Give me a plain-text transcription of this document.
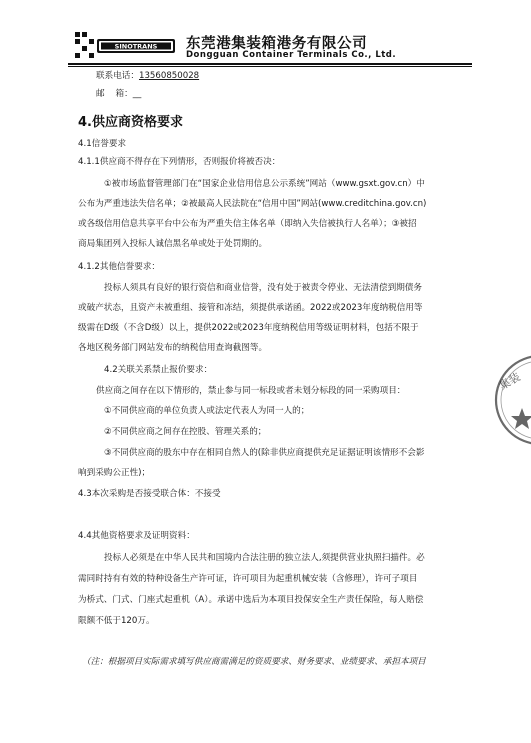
SINOTRANS 东莞港集装箱港务有限公司
Dongguan Container Terminals Co., Ltd.
联系电话：13560850028
邮    箱：__
4.供应商资格要求
4.1信誉要求
4.1.1供应商不得存在下列情形，否则报价将被否决：
①被市场监督管理部门在“国家企业信用信息公示系统”网站（www.gsxt.gov.cn）中
公布为严重违法失信名单；②被最高人民法院在“信用中国”网站(www.creditchina.gov.cn)
或各级信用信息共享平台中公布为严重失信主体名单（即纳入失信被执行人名单）；③被招
商局集团列入投标人诚信黑名单或处于处罚期的。
4.1.2其他信誉要求：
投标人须具有良好的银行资信和商业信誉，没有处于被责令停业、无法清偿到期债务
或破产状态，且资产未被重组、接管和冻结，须提供承诺函。2022或2023年度纳税信用等
级需在D级（不含D级）以上，提供2022或2023年度纳税信用等级证明材料，包括不限于
各地区税务部门网站发布的纳税信用查询截图等。
4.2关联关系禁止报价要求：
供应商之间存在以下情形的，禁止参与同一标段或者未划分标段的同一采购项目：
①不同供应商的单位负责人或法定代表人为同一人的；
②不同供应商之间存在控股、管理关系的；
③不同供应商的股东中存在相同自然人的(除非供应商提供充足证据证明该情形不会影
响到采购公正性)；
4.3本次采购是否接受联合体：不接受
4.4其他资格要求及证明资料：
投标人必须是在中华人民共和国境内合法注册的独立法人,须提供营业执照扫描件。必
需同时持有有效的特种设备生产许可证，许可项目为起重机械安装（含修理），许可子项目
为桥式、门式、门座式起重机（A）。承诺中选后为本项目投保安全生产责任保险，每人赔偿
限额不低于120万。
（注：根据项目实际需求填写供应商需满足的资质要求、财务要求、业绩要求、承担本项目
集装
